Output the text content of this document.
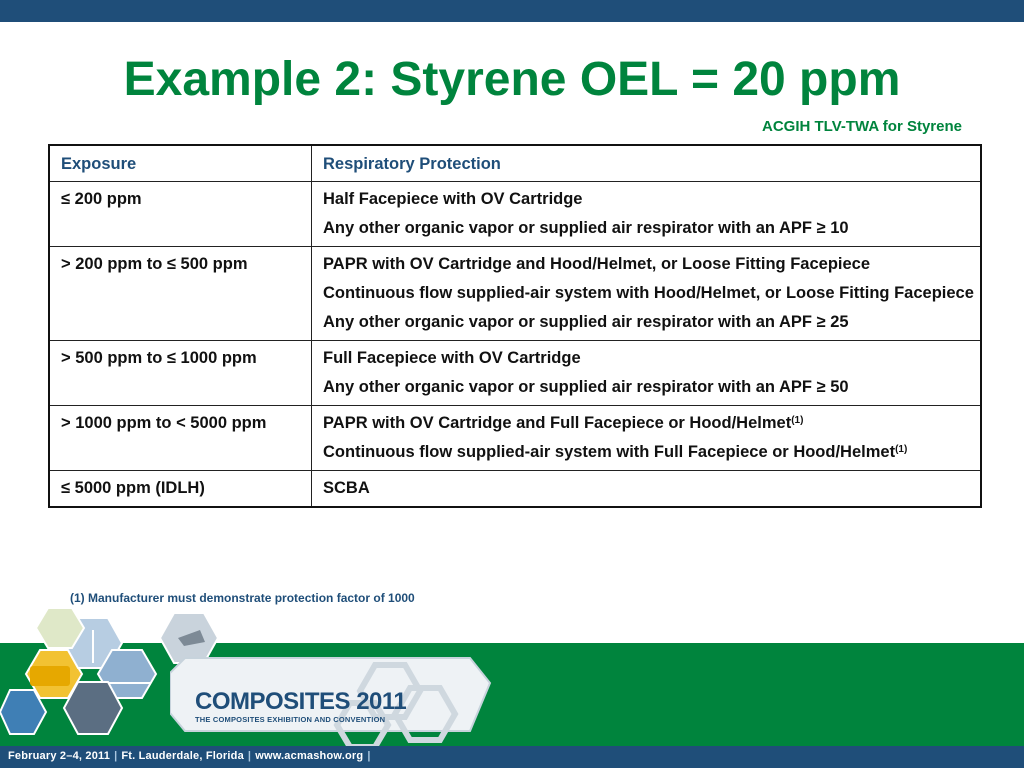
Example 2: Styrene OEL = 20 ppm
ACGIH TLV-TWA for Styrene
Exposure	Respiratory Protection
≤ 200 ppm	Half Facepiece with OV Cartridge
Any other organic vapor or supplied air respirator with an APF ≥ 10

> 200 ppm to ≤ 500 ppm	PAPR with OV Cartridge and Hood/Helmet, or Loose Fitting Facepiece
Continuous flow supplied-air system with Hood/Helmet, or Loose Fitting Facepiece
Any other organic vapor or supplied air respirator with an APF ≥ 25

> 500 ppm to ≤ 1000 ppm	Full Facepiece with OV Cartridge
Any other organic vapor or supplied air respirator with an APF ≥ 50

> 1000 ppm to < 5000 ppm	PAPR with OV Cartridge and Full Facepiece or Hood/Helmet$^{(1)}$
Continuous flow supplied-air system with Full Facepiece or Hood/Helmet$^{(1)}$

≤ 5000 ppm (IDLH)	SCBA
(1) Manufacturer must demonstrate protection factor of 1000
COMPOSITES 2011
THE COMPOSITES EXHIBITION AND CONVENTION
February 2–4, 2011 | Ft. Lauderdale, Florida | www.acmashow.org |
